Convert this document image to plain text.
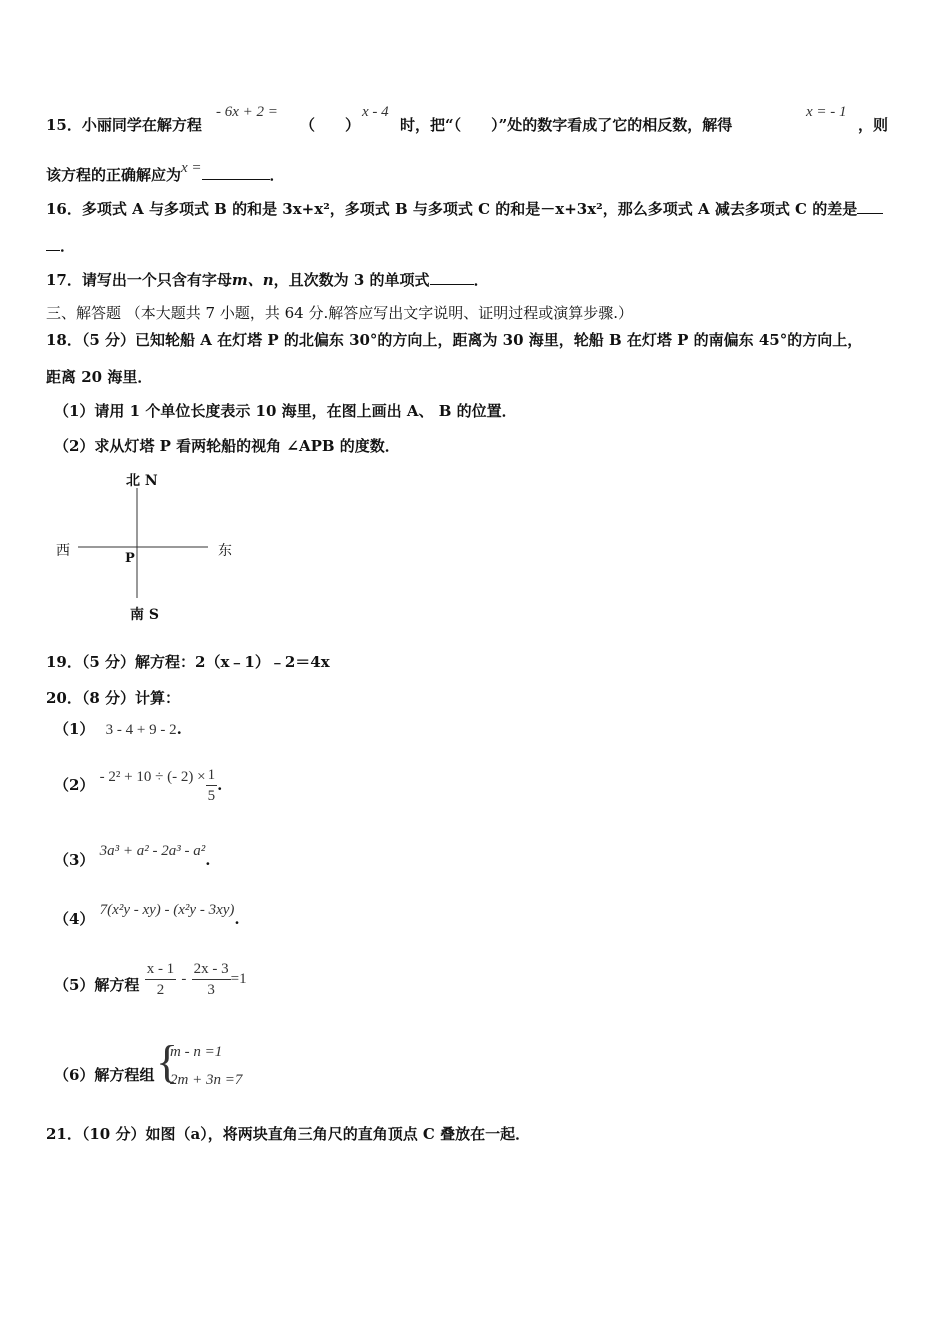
15．小丽同学在解方程
- 6x + 2 =
（　　）
x - 4
时，把“（　　）”处的数字看成了它的相反数，解得
x = - 1
，则
该方程的正确解应为x =	．
16．多项式 A 与多项式 B 的和是 3x+x²，多项式 B 与多项式 C 的和是－x+3x²，那么多项式 A 减去多项式 C 的差是
．
17．请写出一个只含有字母m、n，且次数为 3 的单项式	．
三、解答题 （本大题共 7 小题，共 64 分.解答应写出文字说明、证明过程或演算步骤.）
18．（5 分）已知轮船 A 在灯塔 P 的北偏东 30°的方向上，距离为 30 海里，轮船 B 在灯塔 P 的南偏东 45°的方向上，
距离 20 海里．
（1）请用 1 个单位长度表示 10 海里，在图上画出 A、 B 的位置．
（2）求从灯塔 P 看两轮船的视角 ∠APB 的度数．
北 N
南 S
西	东
P
19．（5 分）解方程：2（x﹣1）﹣2＝4x
20．（8 分）计算：
（1） 3 - 4 + 9 - 2.
（2） - 2² + 10 ÷ (- $2) \times \frac{1}{5}$ .
（3） 3a³ + a² - 2a³ - a².
（4） 7(x²y - xy) - (x²y - 3xy).
（5）解方程 $\frac{x - 1}{2} - \frac{2x - 3}{3} =1$
（6）解方程组 {
m - n =1
2m + 3n =7
21．（10 分）如图（a），将两块直角三角尺的直角顶点 C 叠放在一起．
